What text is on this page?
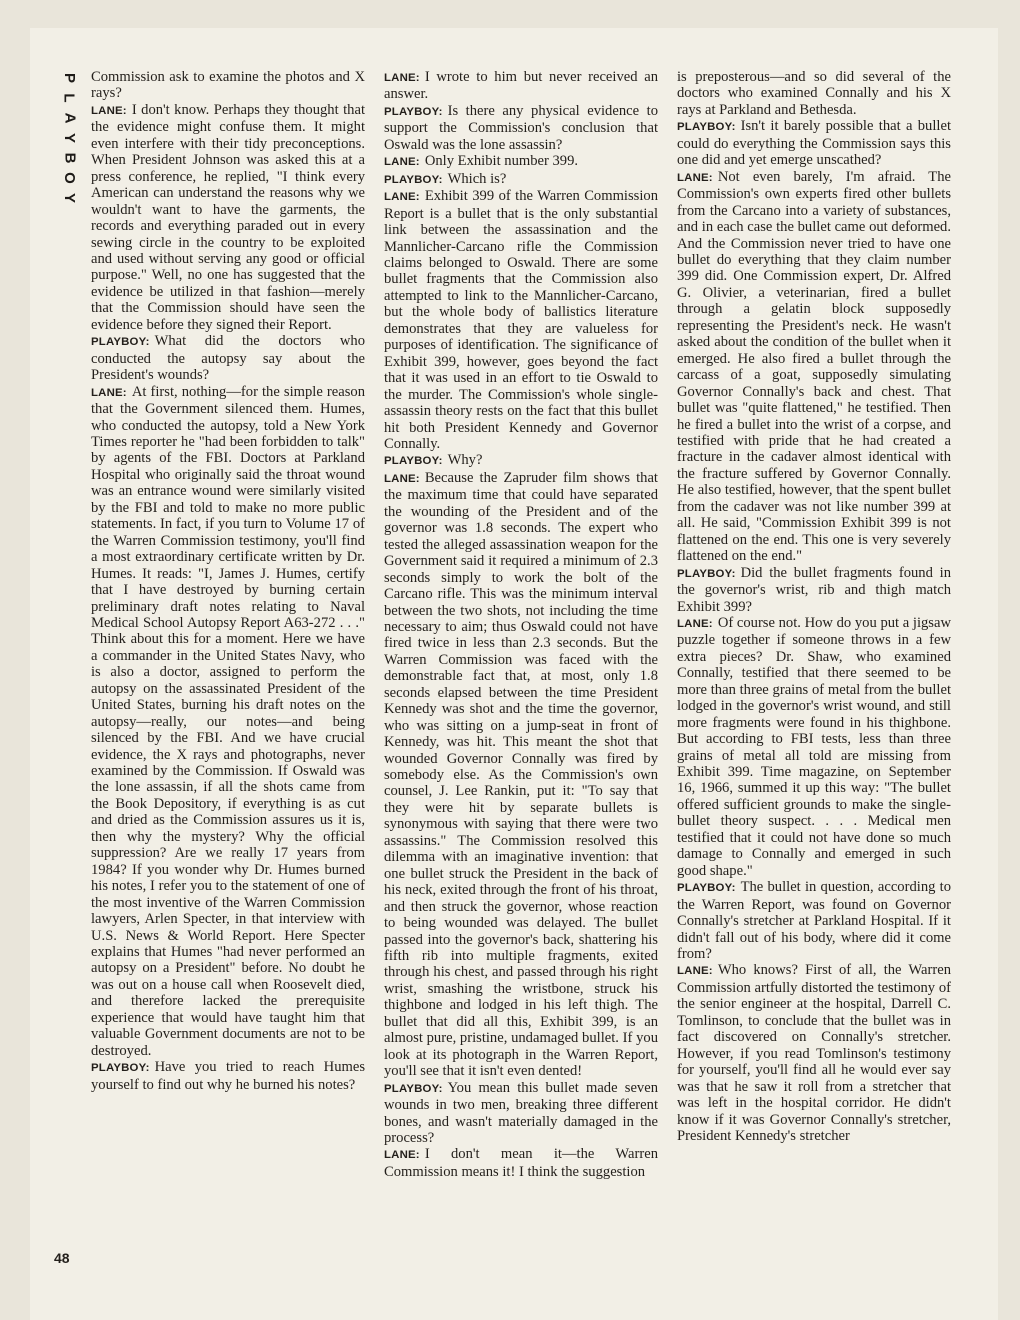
P
L
A
Y
B
O
Y
48

Commission ask to examine the photos and X rays?

LANE: I don't know. Perhaps they thought that the evidence might confuse them. It might even interfere with their tidy preconceptions. When President Johnson was asked this at a press conference, he replied, "I think every American can understand the reasons why we wouldn't want to have the garments, the records and everything paraded out in every sewing circle in the country to be exploited and used without serving any good or official purpose." Well, no one has suggested that the evidence be utilized in that fashion—merely that the Commission should have seen the evidence before they signed their Report.

PLAYBOY: What did the doctors who conducted the autopsy say about the President's wounds?

LANE: At first, nothing—for the simple reason that the Government silenced them. Humes, who conducted the autopsy, told a New York Times reporter he "had been forbidden to talk" by agents of the FBI. Doctors at Parkland Hospital who originally said the throat wound was an entrance wound were similarly visited by the FBI and told to make no more public statements. In fact, if you turn to Volume 17 of the Warren Commission testimony, you'll find a most extraordinary certificate written by Dr. Humes. It reads: "I, James J. Humes, certify that I have destroyed by burning certain preliminary draft notes relating to Naval Medical School Autopsy Report A63-272 . . ." Think about this for a moment. Here we have a commander in the United States Navy, who is also a doctor, assigned to perform the autopsy on the assassinated President of the United States, burning his draft notes on the autopsy—really, our notes—and being silenced by the FBI. And we have crucial evidence, the X rays and photographs, never examined by the Commission. If Oswald was the lone assassin, if all the shots came from the Book Depository, if everything is as cut and dried as the Commission assures us it is, then why the mystery? Why the official suppression? Are we really 17 years from 1984? If you wonder why Dr. Humes burned his notes, I refer you to the statement of one of the most inventive of the Warren Commission lawyers, Arlen Specter, in that interview with U.S. News & World Report. Here Specter explains that Humes "had never performed an autopsy on a President" before. No doubt he was out on a house call when Roosevelt died, and therefore lacked the prerequisite experience that would have taught him that valuable Government documents are not to be destroyed.

PLAYBOY: Have you tried to reach Humes yourself to find out why he burned his notes?

LANE: I wrote to him but never received an answer.

PLAYBOY: Is there any physical evidence to support the Commission's conclusion that Oswald was the lone assassin?

LANE: Only Exhibit number 399.

PLAYBOY: Which is?

LANE: Exhibit 399 of the Warren Commission Report is a bullet that is the only substantial link between the assassination and the Mannlicher-Carcano rifle the Commission claims belonged to Oswald. There are some bullet fragments that the Commission also attempted to link to the Mannlicher-Carcano, but the whole body of ballistics literature demonstrates that they are valueless for purposes of identification. The significance of Exhibit 399, however, goes beyond the fact that it was used in an effort to tie Oswald to the murder. The Commission's whole single-assassin theory rests on the fact that this bullet hit both President Kennedy and Governor Connally.

PLAYBOY: Why?

LANE: Because the Zapruder film shows that the maximum time that could have separated the wounding of the President and of the governor was 1.8 seconds. The expert who tested the alleged assassination weapon for the Government said it required a minimum of 2.3 seconds simply to work the bolt of the Carcano rifle. This was the minimum interval between the two shots, not including the time necessary to aim; thus Oswald could not have fired twice in less than 2.3 seconds. But the Warren Commission was faced with the demonstrable fact that, at most, only 1.8 seconds elapsed between the time President Kennedy was shot and the time the governor, who was sitting on a jump-seat in front of Kennedy, was hit. This meant the shot that wounded Governor Connally was fired by somebody else. As the Commission's own counsel, J. Lee Rankin, put it: "To say that they were hit by separate bullets is synonymous with saying that there were two assassins." The Commission resolved this dilemma with an imaginative invention: that one bullet struck the President in the back of his neck, exited through the front of his throat, and then struck the governor, whose reaction to being wounded was delayed. The bullet passed into the governor's back, shattering his fifth rib into multiple fragments, exited through his chest, and passed through his right wrist, smashing the wristbone, struck his thighbone and lodged in his left thigh. The bullet that did all this, Exhibit 399, is an almost pure, pristine, undamaged bullet. If you look at its photograph in the Warren Report, you'll see that it isn't even dented!

PLAYBOY: You mean this bullet made seven wounds in two men, breaking three different bones, and wasn't materially damaged in the process?

LANE: I don't mean it—the Warren Commission means it! I think the suggestion

is preposterous—and so did several of the doctors who examined Connally and his X rays at Parkland and Bethesda.

PLAYBOY: Isn't it barely possible that a bullet could do everything the Commission says this one did and yet emerge unscathed?

LANE: Not even barely, I'm afraid. The Commission's own experts fired other bullets from the Carcano into a variety of substances, and in each case the bullet came out deformed. And the Commission never tried to have one bullet do everything that they claim number 399 did. One Commission expert, Dr. Alfred G. Olivier, a veterinarian, fired a bullet through a gelatin block supposedly representing the President's neck. He wasn't asked about the condition of the bullet when it emerged. He also fired a bullet through the carcass of a goat, supposedly simulating Governor Connally's back and chest. That bullet was "quite flattened," he testified. Then he fired a bullet into the wrist of a corpse, and testified with pride that he had created a fracture in the cadaver almost identical with the fracture suffered by Governor Connally. He also testified, however, that the spent bullet from the cadaver was not like number 399 at all. He said, "Commission Exhibit 399 is not flattened on the end. This one is very severely flattened on the end."

PLAYBOY: Did the bullet fragments found in the governor's wrist, rib and thigh match Exhibit 399?

LANE: Of course not. How do you put a jigsaw puzzle together if someone throws in a few extra pieces? Dr. Shaw, who examined Connally, testified that there seemed to be more than three grains of metal from the bullet lodged in the governor's wrist wound, and still more fragments were found in his thighbone. But according to FBI tests, less than three grains of metal all told are missing from Exhibit 399. Time magazine, on September 16, 1966, summed it up this way: "The bullet offered sufficient grounds to make the single-bullet theory suspect. . . . Medical men testified that it could not have done so much damage to Connally and emerged in such good shape."

PLAYBOY: The bullet in question, according to the Warren Report, was found on Governor Connally's stretcher at Parkland Hospital. If it didn't fall out of his body, where did it come from?

LANE: Who knows? First of all, the Warren Commission artfully distorted the testimony of the senior engineer at the hospital, Darrell C. Tomlinson, to conclude that the bullet was in fact discovered on Connally's stretcher. However, if you read Tomlinson's testimony for yourself, you'll find all he would ever say was that he saw it roll from a stretcher that was left in the hospital corridor. He didn't know if it was Governor Connally's stretcher, President Kennedy's stretcher
